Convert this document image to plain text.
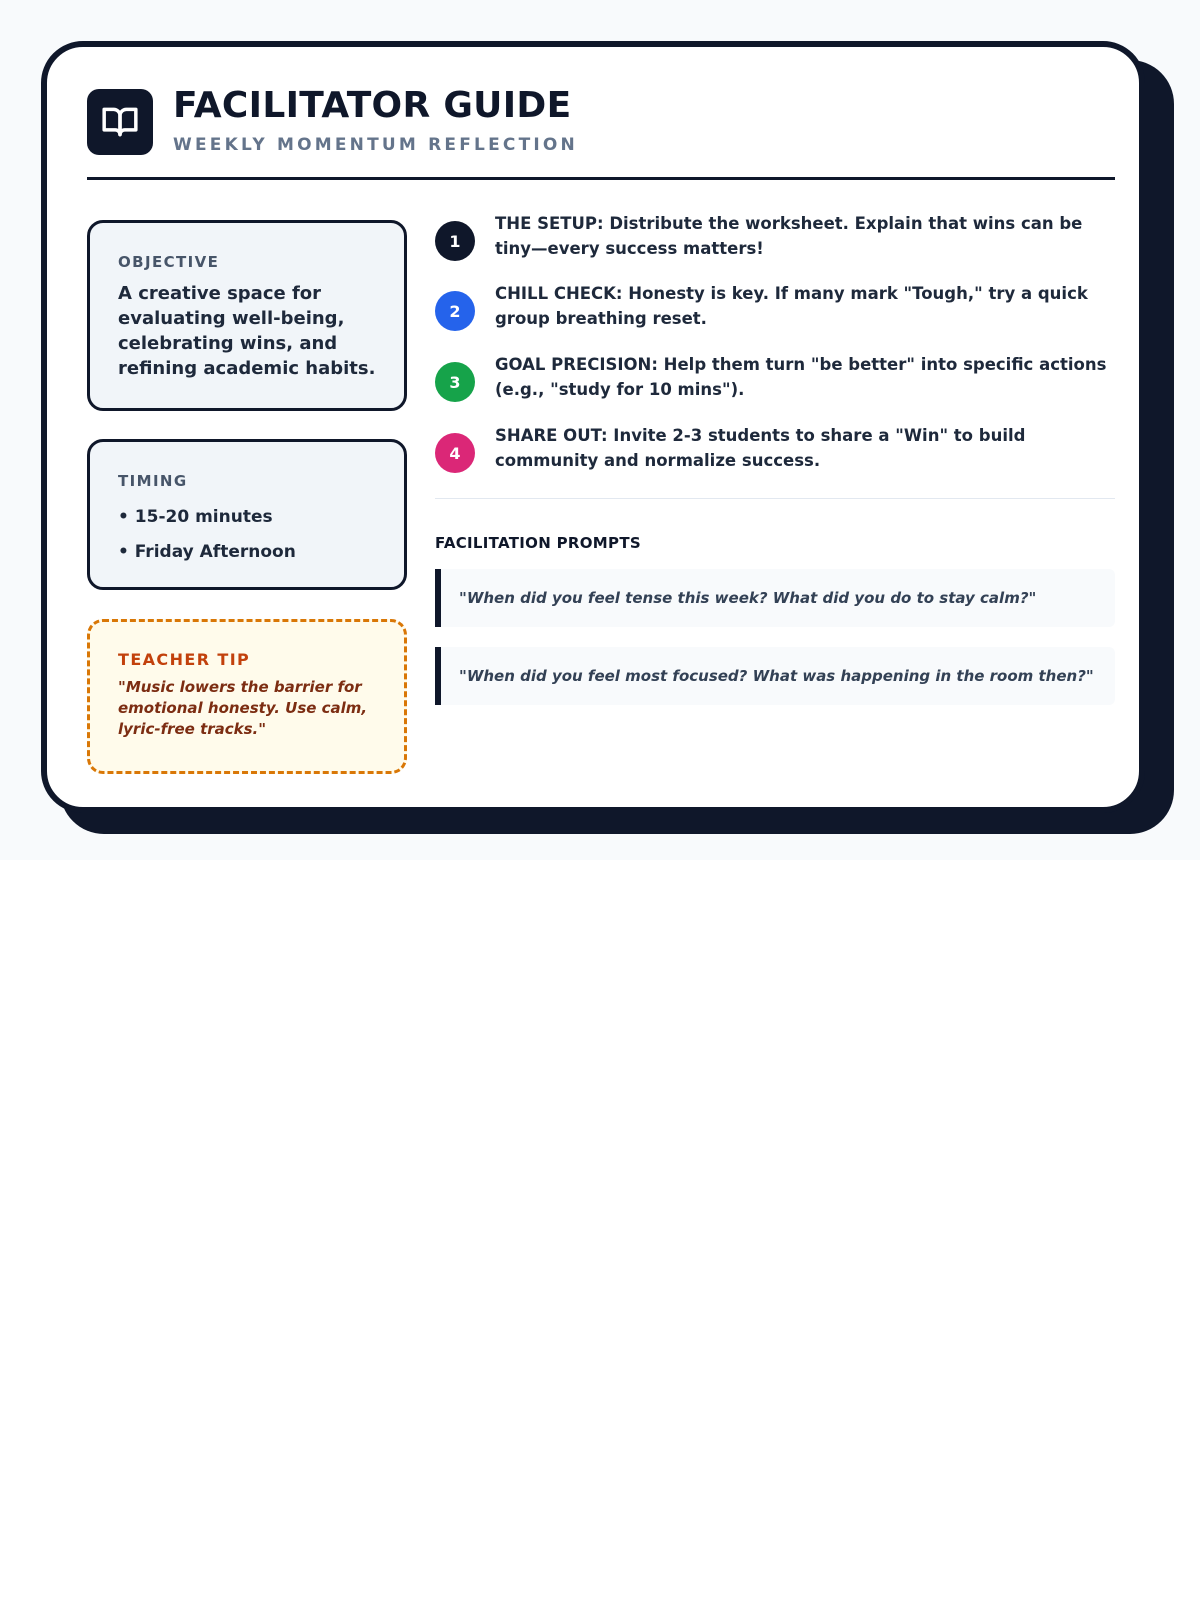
FACILITATOR GUIDE
WEEKLY MOMENTUM REFLECTION
OBJECTIVE
A creative space for evaluating well-being, celebrating wins, and refining academic habits.
TIMING
• 15-20 minutes
• Friday Afternoon
TEACHER TIP
"Music lowers the barrier for emotional honesty. Use calm, lyric-free tracks."
1
THE SETUP: Distribute the worksheet. Explain that wins can be tiny—every success matters!
2
CHILL CHECK: Honesty is key. If many mark "Tough," try a quick group breathing reset.
3
GOAL PRECISION: Help them turn "be better" into specific actions (e.g., "study for 10 mins").
4
SHARE OUT: Invite 2-3 students to share a "Win" to build community and normalize success.
FACILITATION PROMPTS
"When did you feel tense this week? What did you do to stay calm?"
"When did you feel most focused? What was happening in the room then?"
